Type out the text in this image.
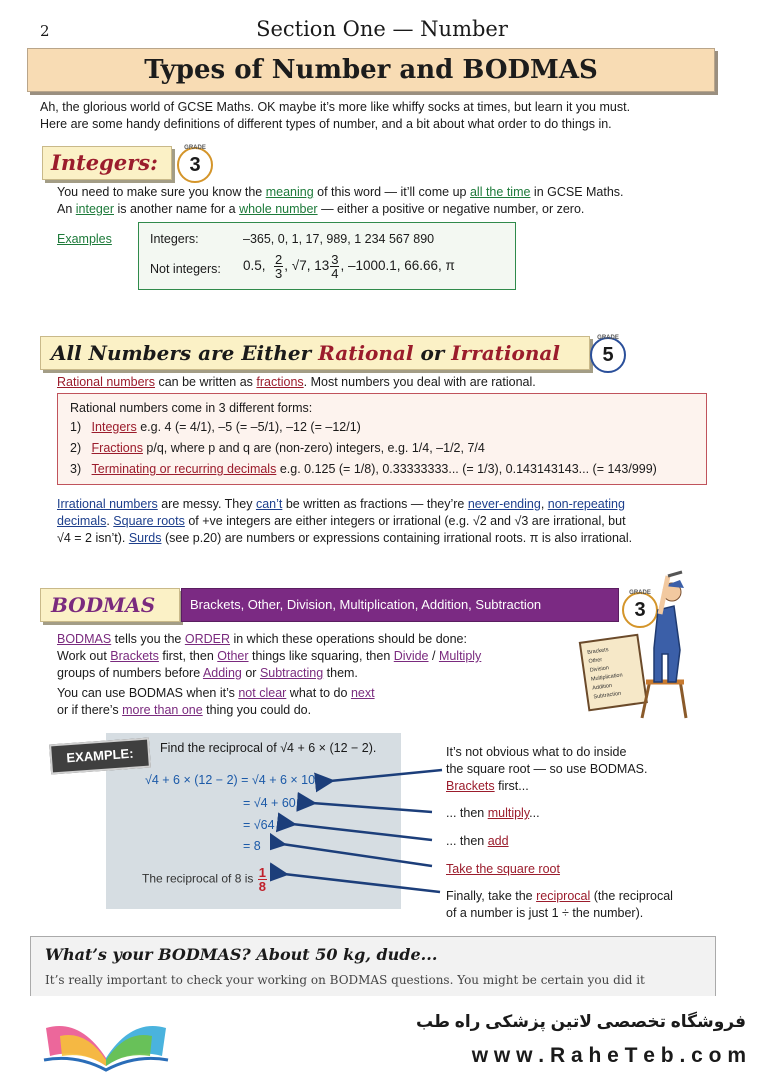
2	Section One — Number
Types of Number and BODMAS
Ah, the glorious world of GCSE Maths. OK maybe it’s more like whiffy socks at times, but learn it you must.
Here are some handy definitions of different types of number, and a bit about what order to do things in.
Integers:
GRADE
3
You need to make sure you know the meaning of this word — it’ll come up all the time in GCSE Maths.
An integer is another name for a whole number — either a positive or negative number, or zero.
Examples	Integers:	–365, 0, 1, 17, 989, 1 234 567 890
Not integers: 0.5, $\frac{2}{3}$ , √7, $13 \frac{3}{4}$ , –1000.1, 66.66, π
All Numbers are Either Rational or Irrational
GRADE
5
Rational numbers can be written as fractions. Most numbers you deal with are rational.
Rational numbers come in 3 different forms:
1) Integers e.g. 4 (= 4/1), –5 (= –5/1), –12 (= –12/1)
2) Fractions p/q, where p and q are (non-zero) integers, e.g. 1/4, –1/2, 7/4
3) Terminating or recurring decimals e.g. 0.125 (= 1/8), 0.33333333... (= 1/3), 0.143143143... (= 143/999)
Irrational numbers are messy. They can’t be written as fractions — they’re never-ending, non-repeating
decimals. Square roots of +ve integers are either integers or irrational (e.g. √2 and √3 are irrational, but
√4 = 2 isn’t). Surds (see p.20) are numbers or expressions containing irrational roots. π is also irrational.
BODMAS	Brackets, Other, Division, Multiplication, Addition, Subtraction
GRADE
3
BODMAS tells you the ORDER in which these operations should be done:
Work out Brackets first, then Other things like squaring, then Divide / Multiply
groups of numbers before Adding or Subtracting them.
You can use BODMAS when it’s not clear what to do next
or if there’s more than one thing you could do.
Brackets
Other
Division
Multiplication
Addition
Subtraction
EXAMPLE:	Find the reciprocal of √4 + 6 × (12 − 2).
√4 + 6 × (12 − 2) = √4 + 6 × 10
= √4 + 60
= √64
= 8
The reciprocal of 8 is $\frac{1}{8}$
It’s not obvious what to do inside
the square root — so use BODMAS.
Brackets first...
... then multiply...
... then add
Take the square root
Finally, take the reciprocal (the reciprocal
of a number is just 1 ÷ the number).
What’s your BODMAS? About 50 kg, dude...
It’s really important to check your working on BODMAS questions. You might be certain you did it
فروشگاه تخصصی لاتین پزشکی راه طب
w w w . R a h e T e b . c o m
